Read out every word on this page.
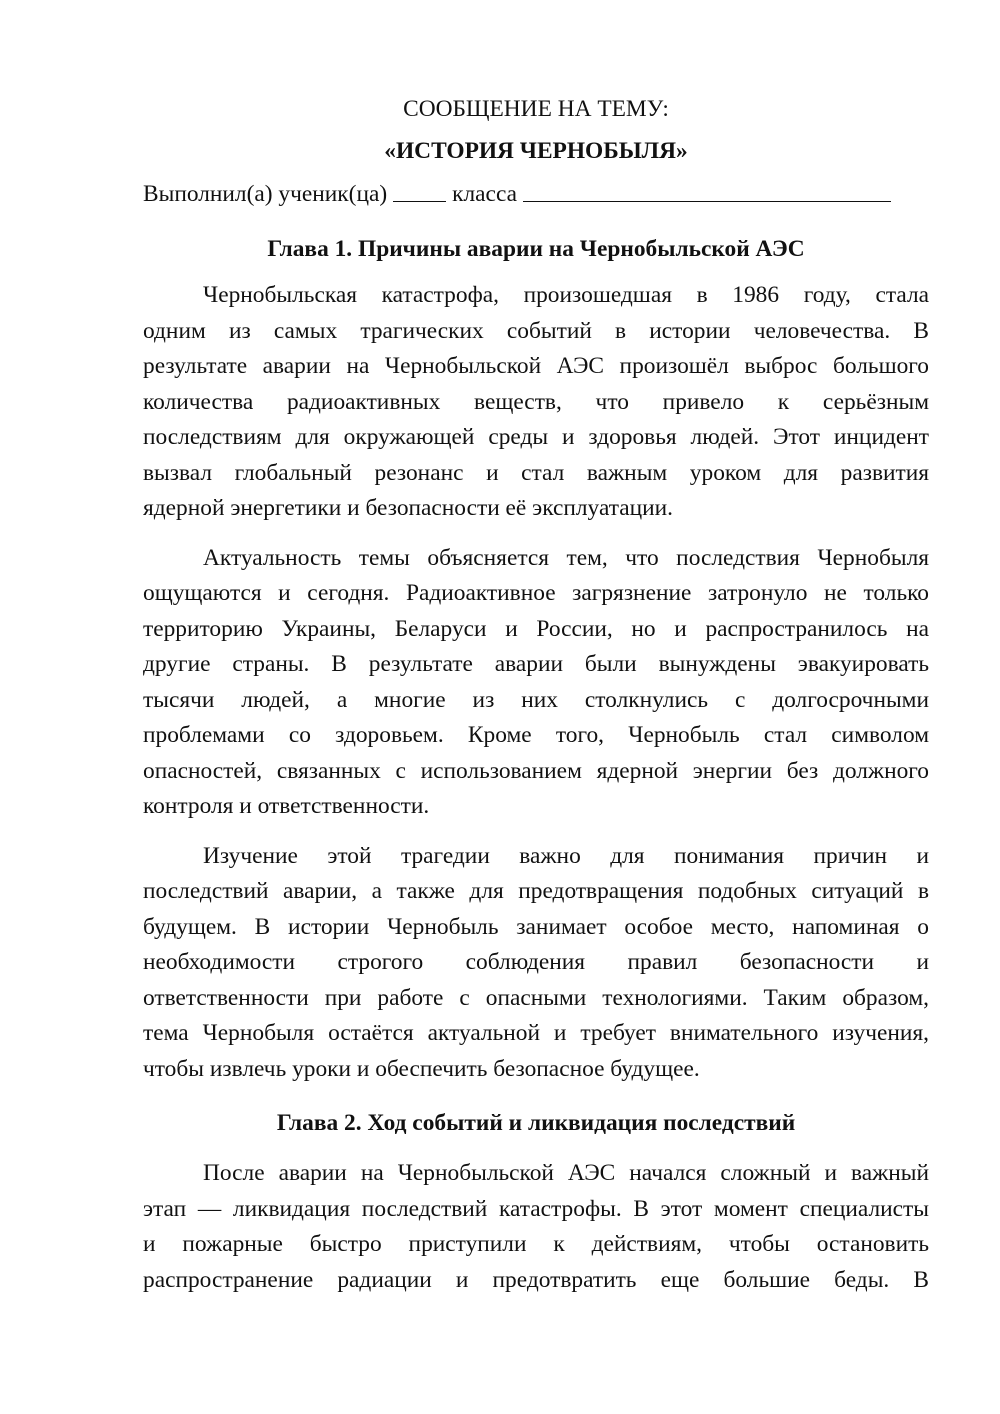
СООБЩЕНИЕ НА ТЕМУ:
«ИСТОРИЯ ЧЕРНОБЫЛЯ»
Выполнил(а) ученик(ца)	класса
Глава 1. Причины аварии на Чернобыльской АЭС
Чернобыльская катастрофа, произошедшая в 1986 году, стала
одним из самых трагических событий в истории человечества. В
результате аварии на Чернобыльской АЭС произошёл выброс большого
количества радиоактивных веществ, что привело к серьёзным
последствиям для окружающей среды и здоровья людей. Этот инцидент
вызвал глобальный резонанс и стал важным уроком для развития
ядерной энергетики и безопасности её эксплуатации.
Актуальность темы объясняется тем, что последствия Чернобыля
ощущаются и сегодня. Радиоактивное загрязнение затронуло не только
территорию Украины, Беларуси и России, но и распространилось на
другие страны. В результате аварии были вынуждены эвакуировать
тысячи людей, а многие из них столкнулись с долгосрочными
проблемами со здоровьем. Кроме того, Чернобыль стал символом
опасностей, связанных с использованием ядерной энергии без должного
контроля и ответственности.
Изучение этой трагедии важно для понимания причин и
последствий аварии, а также для предотвращения подобных ситуаций в
будущем. В истории Чернобыль занимает особое место, напоминая о
необходимости строгого соблюдения правил безопасности и
ответственности при работе с опасными технологиями. Таким образом,
тема Чернобыля остаётся актуальной и требует внимательного изучения,
чтобы извлечь уроки и обеспечить безопасное будущее.
Глава 2. Ход событий и ликвидация последствий
После аварии на Чернобыльской АЭС начался сложный и важный
этап — ликвидация последствий катастрофы. В этот момент специалисты
и пожарные быстро приступили к действиям, чтобы остановить
распространение радиации и предотвратить еще большие беды. В
